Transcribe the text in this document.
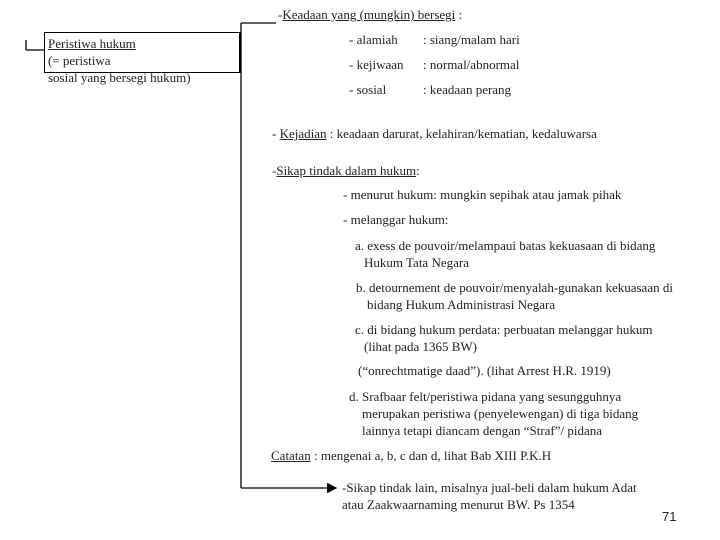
-Keadaan yang (mungkin) bersegi :
Peristiwa hukum
(= peristiwa
sosial yang bersegi hukum)
- alamiah : siang/malam hari
- kejiwaan : normal/abnormal
- sosial	: keadaan perang
- Kejadian : keadaan darurat, kelahiran/kematian, kedaluwarsa
-Sikap tindak dalam hukum:
- menurut hukum: mungkin sepihak atau jamak pihak
- melanggar hukum:
a. exess de pouvoir/melampaui batas kekuasaan di bidang
Hukum Tata Negara
b. detournement de pouvoir/menyalah-gunakan kekuasaan di
bidang Hukum Administrasi Negara
c. di bidang hukum perdata: perbuatan melanggar hukum
(lihat pada 1365 BW)
(“onrechtmatige daad”). (lihat Arrest H.R. 1919)
d. Srafbaar felt/peristiwa pidana yang sesungguhnya
merupakan peristiwa (penyelewengan) di tiga bidang
lainnya tetapi diancam dengan “Straf”/ pidana
Catatan : mengenai a, b, c dan d, lihat Bab XIII P.K.H
-Sikap tindak lain, misalnya jual-beli dalam hukum Adat
atau Zaakwaarnaming menurut BW. Ps 1354
71
